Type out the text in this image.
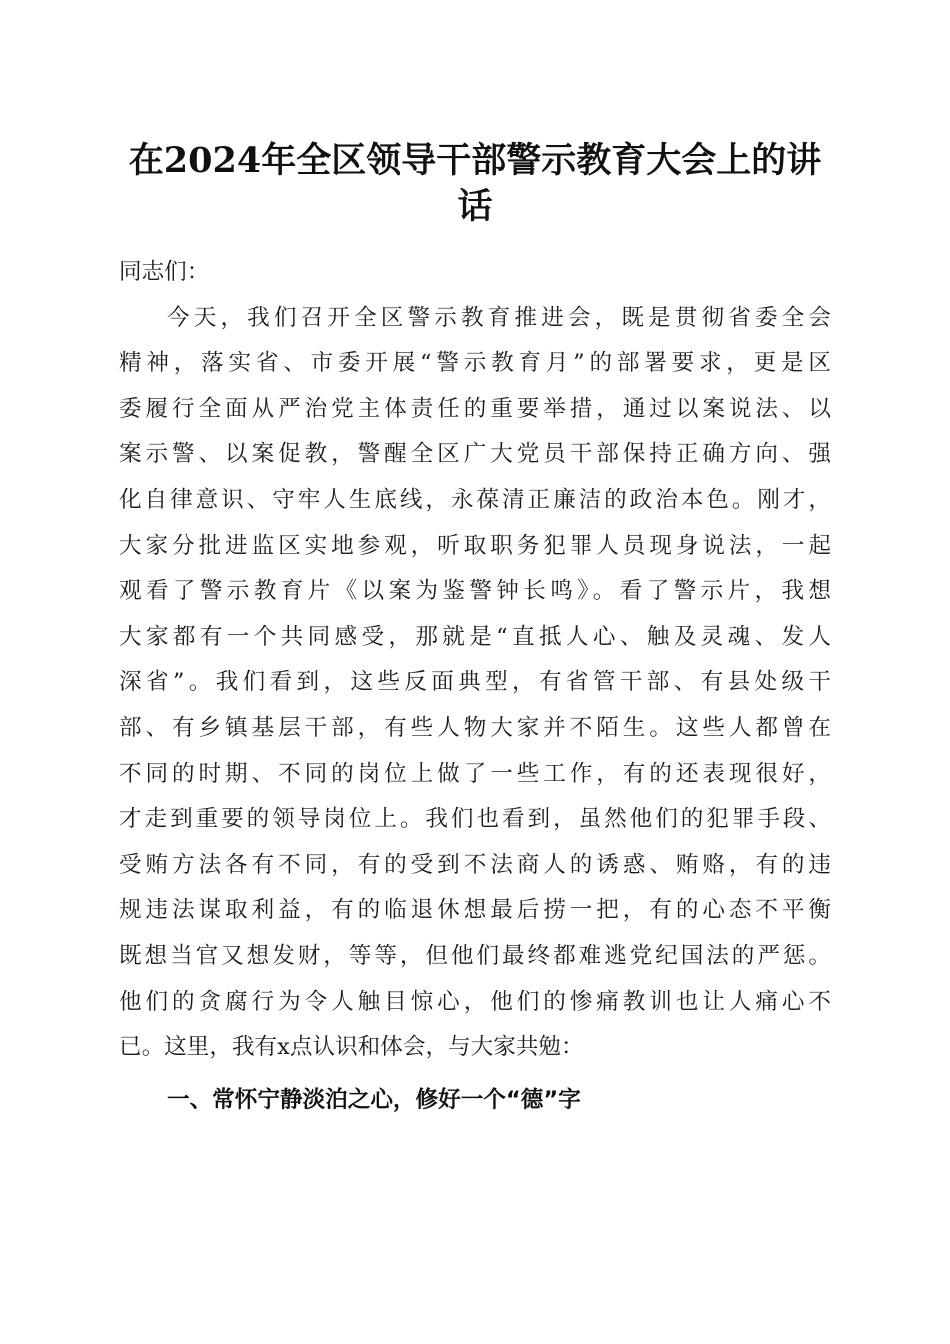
在2024年全区领导干部警示教育大会上的讲
话
同志们：
今天，我们召开全区警示教育推进会，既是贯彻省委全会
精神，落实省、市委开展“警示教育月”的部署要求，更是区
委履行全面从严治党主体责任的重要举措，通过以案说法、以
案示警、以案促教，警醒全区广大党员干部保持正确方向、强
化自律意识、守牢人生底线，永葆清正廉洁的政治本色。刚才，
大家分批进监区实地参观，听取职务犯罪人员现身说法，一起
观看了警示教育片《以案为鉴警钟长鸣》。看了警示片，我想
大家都有一个共同感受，那就是“直抵人心、触及灵魂、发人
深省”。我们看到，这些反面典型，有省管干部、有县处级干
部、有乡镇基层干部，有些人物大家并不陌生。这些人都曾在
不同的时期、不同的岗位上做了一些工作，有的还表现很好，
才走到重要的领导岗位上。我们也看到，虽然他们的犯罪手段、
受贿方法各有不同，有的受到不法商人的诱惑、贿赂，有的违
规违法谋取利益，有的临退休想最后捞一把，有的心态不平衡
既想当官又想发财，等等，但他们最终都难逃党纪国法的严惩。
他们的贪腐行为令人触目惊心，他们的惨痛教训也让人痛心不
已。这里，我有x点认识和体会，与大家共勉：
一、常怀宁静淡泊之心，修好一个“德”字
